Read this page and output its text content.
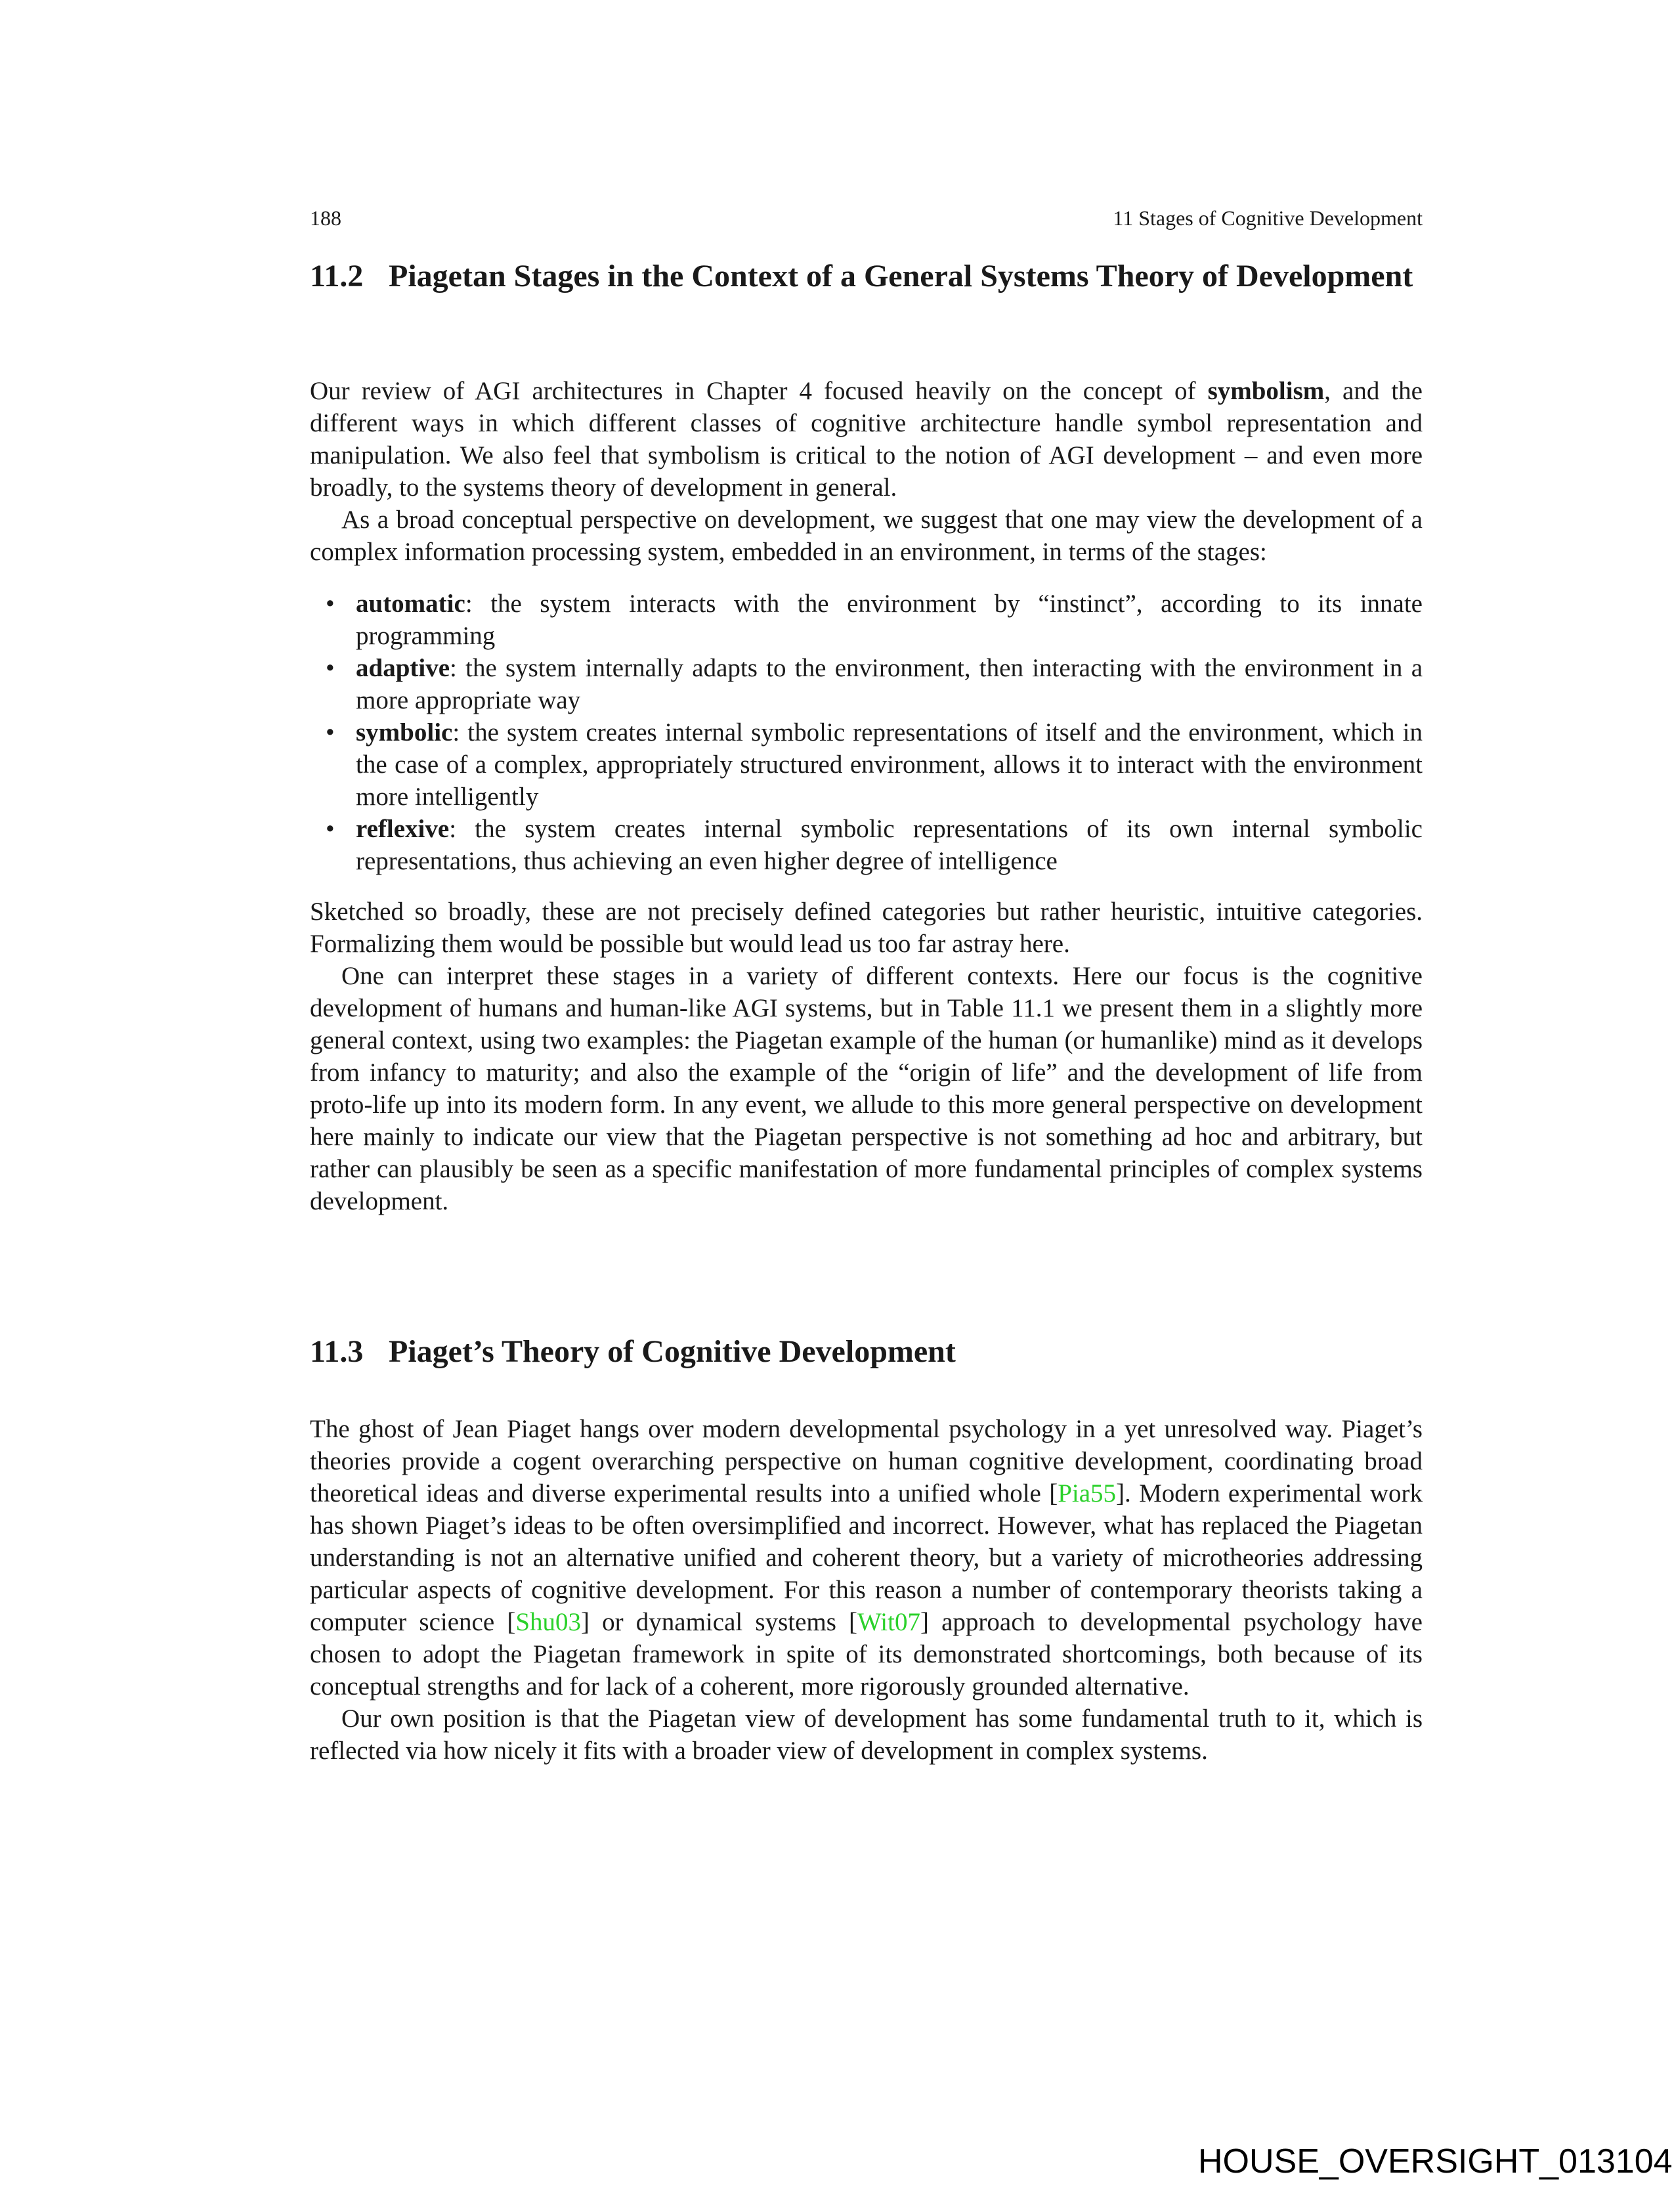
188	11 Stages of Cognitive Development
11.2 Piagetan Stages in the Context of a General Systems Theory of Development

Our review of AGI architectures in Chapter 4 focused heavily on the concept of symbolism, and the different ways in which different classes of cognitive architecture handle symbol representation and manipulation. We also feel that symbolism is critical to the notion of AGI development – and even more broadly, to the systems theory of development in general.

As a broad conceptual perspective on development, we suggest that one may view the development of a complex information processing system, embedded in an environment, in terms of the stages:

• automatic: the system interacts with the environment by “instinct”, according to its innate programming
• adaptive: the system internally adapts to the environment, then interacting with the environment in a more appropriate way
• symbolic: the system creates internal symbolic representations of itself and the environment, which in the case of a complex, appropriately structured environment, allows it to interact with the environment more intelligently
• reflexive: the system creates internal symbolic representations of its own internal symbolic representations, thus achieving an even higher degree of intelligence

Sketched so broadly, these are not precisely defined categories but rather heuristic, intuitive categories. Formalizing them would be possible but would lead us too far astray here.

One can interpret these stages in a variety of different contexts. Here our focus is the cognitive development of humans and human-like AGI systems, but in Table 11.1 we present them in a slightly more general context, using two examples: the Piagetan example of the human (or humanlike) mind as it develops from infancy to maturity; and also the example of the “origin of life” and the development of life from proto-life up into its modern form. In any event, we allude to this more general perspective on development here mainly to indicate our view that the Piagetan perspective is not something ad hoc and arbitrary, but rather can plausibly be seen as a specific manifestation of more fundamental principles of complex systems development.

11.3 Piaget’s Theory of Cognitive Development

The ghost of Jean Piaget hangs over modern developmental psychology in a yet unresolved way. Piaget’s theories provide a cogent overarching perspective on human cognitive development, coordinating broad theoretical ideas and diverse experimental results into a unified whole [Pia55]. Modern experimental work has shown Piaget’s ideas to be often oversimplified and incorrect. However, what has replaced the Piagetan understanding is not an alternative unified and coherent theory, but a variety of microtheories addressing particular aspects of cognitive development. For this reason a number of contemporary theorists taking a computer science [Shu03] or dynamical systems [Wit07] approach to developmental psychology have chosen to adopt the Piagetan framework in spite of its demonstrated shortcomings, both because of its conceptual strengths and for lack of a coherent, more rigorously grounded alternative.

Our own position is that the Piagetan view of development has some fundamental truth to it, which is reflected via how nicely it fits with a broader view of development in complex systems.

HOUSE_OVERSIGHT_013104
